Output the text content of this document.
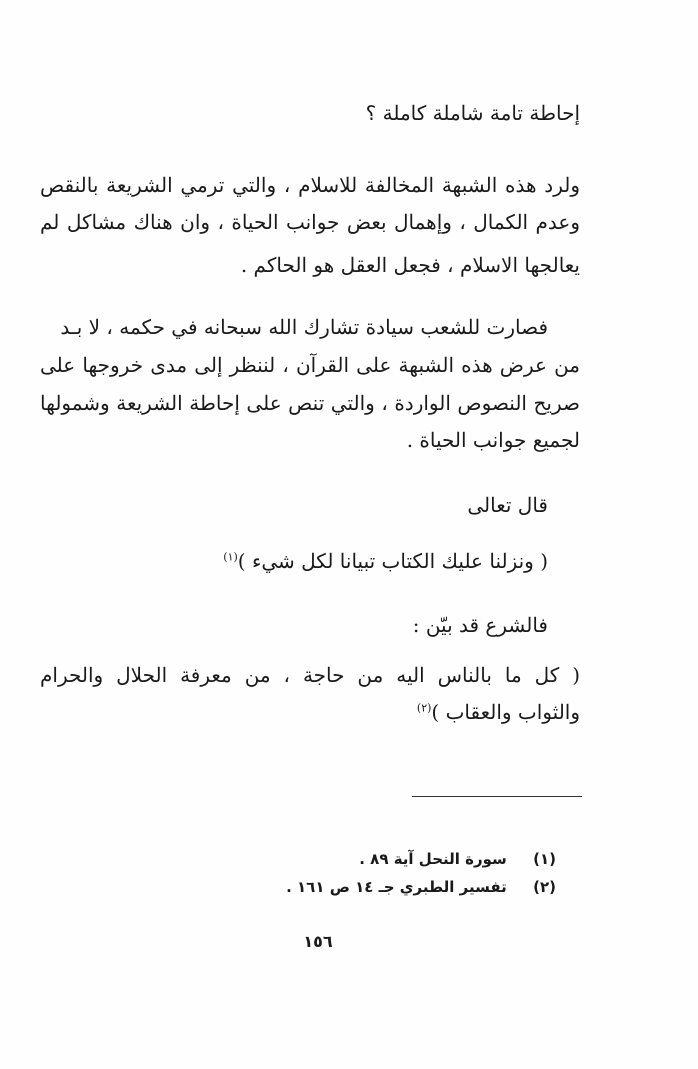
إحاطة تامة شاملة كاملة ؟
ولرد هذه الشبهة المخالفة للاسلام ، والتي ترمي الشريعة بالنقص
وعدم الكمال ، وإهمال بعض جوانب الحياة ، وان هناك مشاكل لم
يعالجها الاسلام ، فجعل العقل هو الحاكم .
فصارت للشعب سيادة تشارك الله سبحانه في حكمه ، لا بـد
من عرض هذه الشبهة على القرآن ، لننظر إلى مدى خروجها على
صريح النصوص الواردة ، والتي تنص على إحاطة الشريعة وشمولها
لجميع جوانب الحياة .
قال تعالى
( ونزلنا عليك الكتاب تبيانا لكل شيء )$^{(١)}$
فالشرع قد بيّن :
( كل ما بالناس اليه من حاجة ، من معرفة الحلال والحرام
والثواب والعقاب )$^{(٢)}$
(١) سورة النحل آية ٨٩ .
(٢) تفسير الطبري جـ ١٤ ص ١٦١ .
١٥٦
